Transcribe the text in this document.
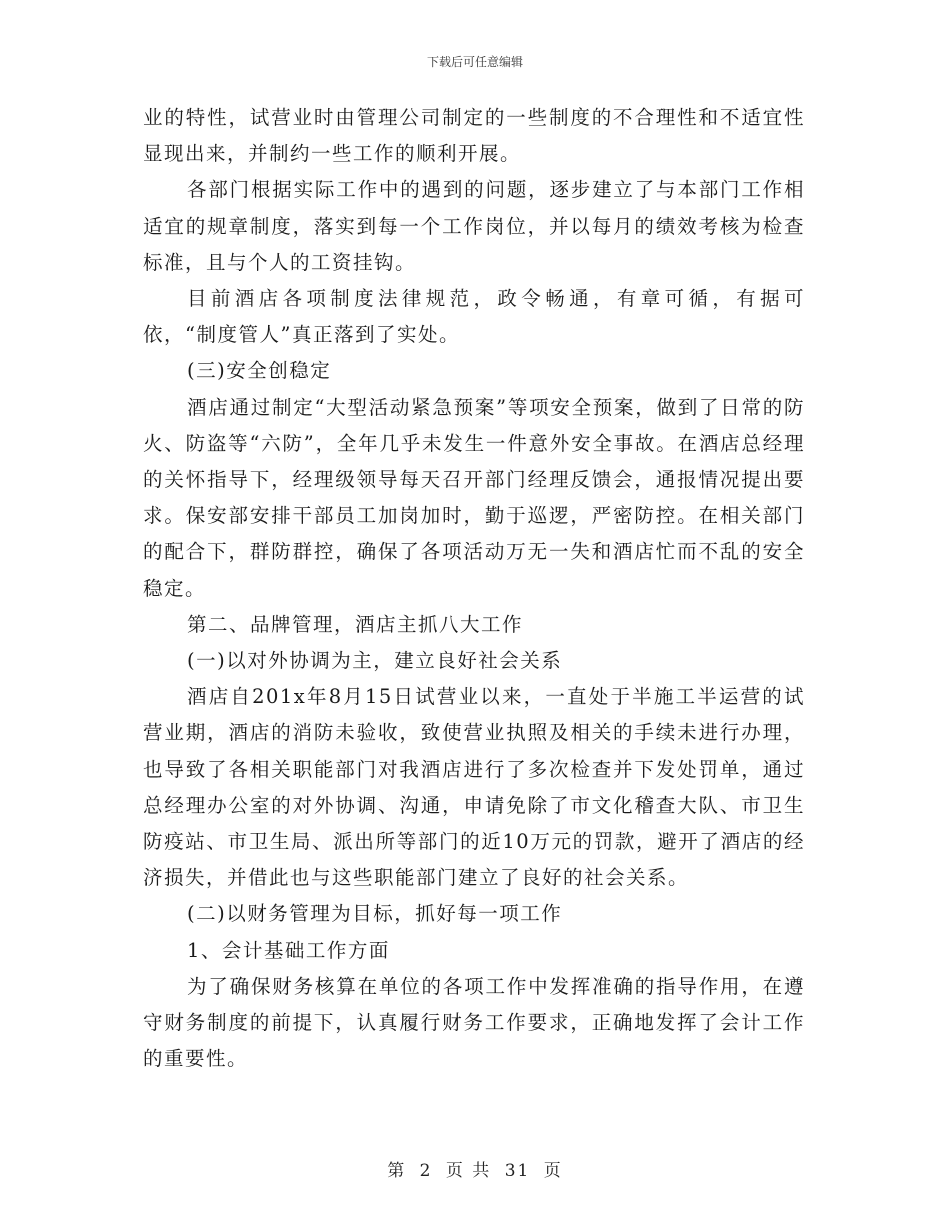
下载后可任意编辑

业的特性，试营业时由管理公司制定的一些制度的不合理性和不适宜性显现出来，并制约一些工作的顺利开展。

各部门根据实际工作中的遇到的问题，逐步建立了与本部门工作相适宜的规章制度，落实到每一个工作岗位，并以每月的绩效考核为检查标准，且与个人的工资挂钩。

目前酒店各项制度法律规范，政令畅通，有章可循，有据可依，“制度管人”真正落到了实处。

(三)安全创稳定

酒店通过制定“大型活动紧急预案”等项安全预案，做到了日常的防火、防盗等“六防”，全年几乎未发生一件意外安全事故。在酒店总经理的关怀指导下，经理级领导每天召开部门经理反馈会，通报情况提出要求。保安部安排干部员工加岗加时，勤于巡逻，严密防控。在相关部门的配合下，群防群控，确保了各项活动万无一失和酒店忙而不乱的安全稳定。

第二、品牌管理，酒店主抓八大工作

(一)以对外协调为主，建立良好社会关系

酒店自201x年8月15日试营业以来，一直处于半施工半运营的试营业期，酒店的消防未验收，致使营业执照及相关的手续未进行办理，也导致了各相关职能部门对我酒店进行了多次检查并下发处罚单，通过总经理办公室的对外协调、沟通，申请免除了市文化稽查大队、市卫生防疫站、市卫生局、派出所等部门的近10万元的罚款，避开了酒店的经济损失，并借此也与这些职能部门建立了良好的社会关系。

(二)以财务管理为目标，抓好每一项工作

1、会计基础工作方面

为了确保财务核算在单位的各项工作中发挥准确的指导作用，在遵守财务制度的前提下，认真履行财务工作要求，正确地发挥了会计工作的重要性。

第 2 页 共 31 页
